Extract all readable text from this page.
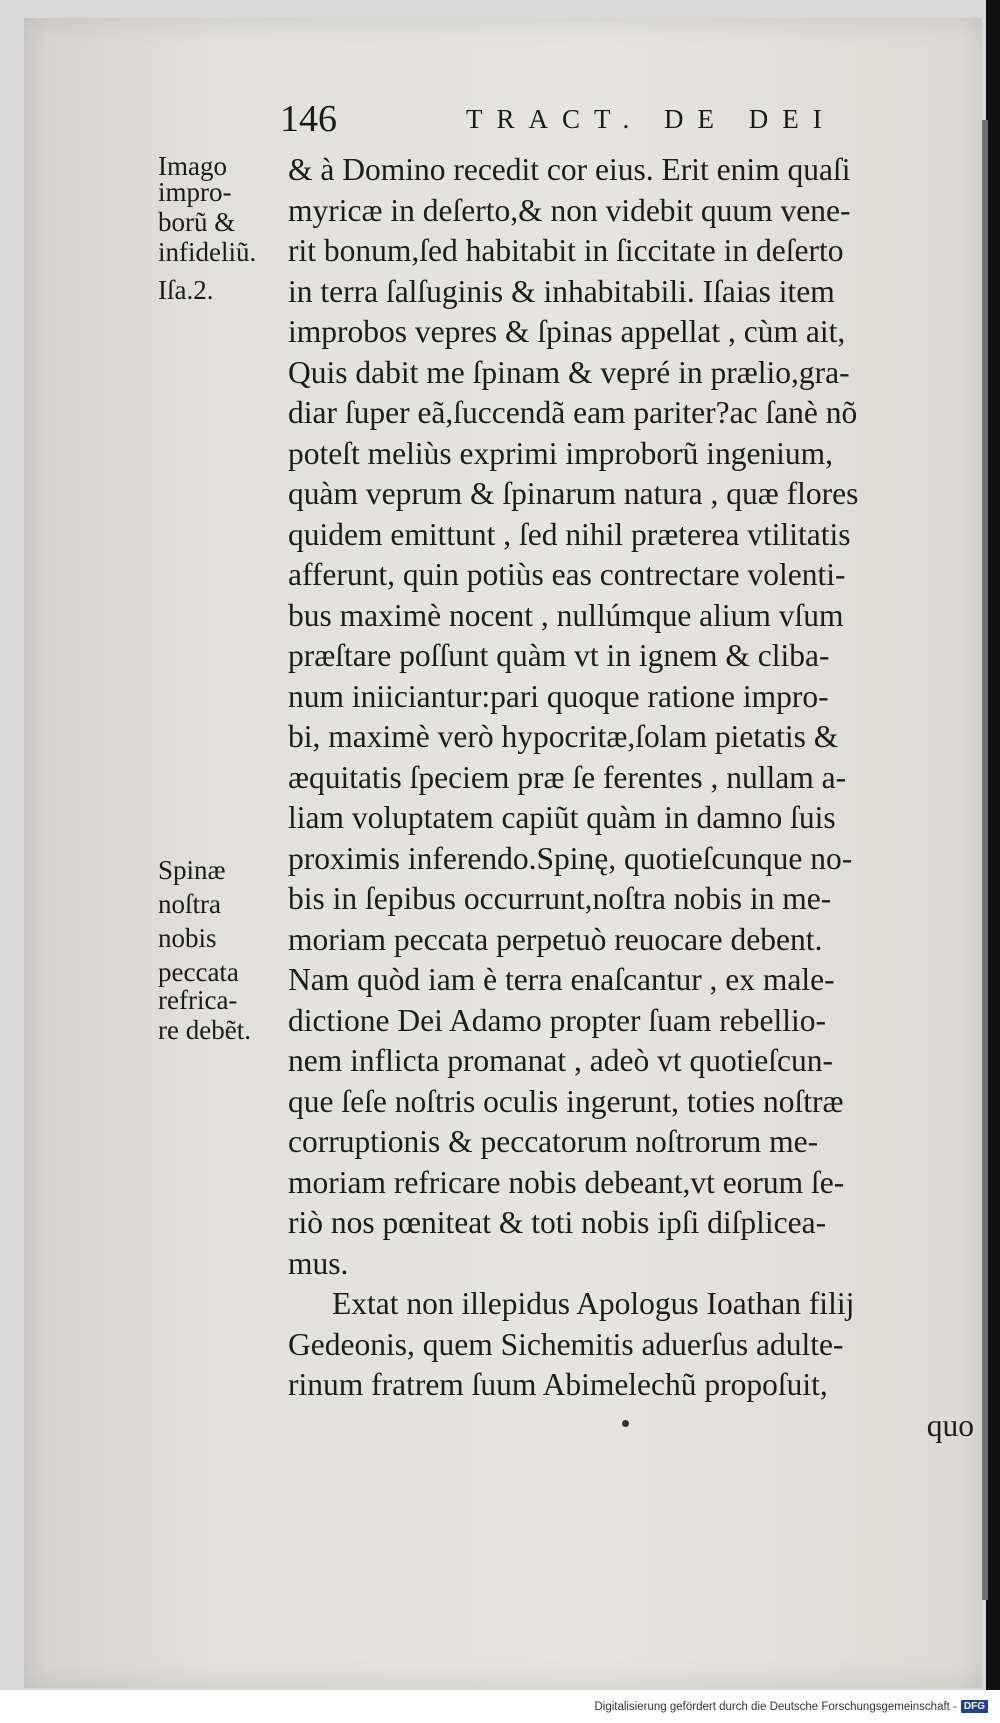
146	TRACT. DE DEI
Imago
impro-
borũ &
infideliũ.
Iſa.2.
Spinæ
noſtra
nobis
peccata
refrica-
re debẽt.
& à Domino recedit cor eius. Erit enim quaſi
myricæ in deſerto,& non videbit quum vene-
rit bonum,ſed habitabit in ſiccitate in deſerto
in terra ſalſuginis & inhabitabili. Iſaias item
improbos vepres & ſpinas appellat , cùm ait,
Quis dabit me ſpinam & vepré in prælio,gra-
diar ſuper eã,ſuccendã eam pariter?ac ſanè nõ
poteſt meliùs exprimi improborũ ingenium,
quàm veprum & ſpinarum natura , quæ flores
quidem emittunt , ſed nihil præterea vtilitatis
afferunt, quin potiùs eas contrectare volenti-
bus maximè nocent , nullúmque alium vſum
præſtare poſſunt quàm vt in ignem & cliba-
num iniiciantur:pari quoque ratione impro-
bi, maximè verò hypocritæ,ſolam pietatis &
æquitatis ſpeciem præ ſe ferentes , nullam a-
liam voluptatem capiũt quàm in damno ſuis
proximis inferendo.Spinę, quotieſcunque no-
bis in ſepibus occurrunt,noſtra nobis in me-
moriam peccata perpetuò reuocare debent.
Nam quòd iam è terra enaſcantur , ex male-
dictione Dei Adamo propter ſuam rebellio-
nem inflicta promanat , adeò vt quotieſcun-
que ſeſe noſtris oculis ingerunt, toties noſtræ
corruptionis & peccatorum noſtrorum me-
moriam refricare nobis debeant,vt eorum ſe-
riò nos pœniteat & toti nobis ipſi diſplicea-
mus.
Extat non illepidus Apologus Ioathan filij
Gedeonis, quem Sichemitis aduerſus adulte-
rinum fratrem ſuum Abimelechũ propoſuit,
quo
Digitalisierung gefördert durch die Deutsche Forschungsgemeinschaft - DFG
